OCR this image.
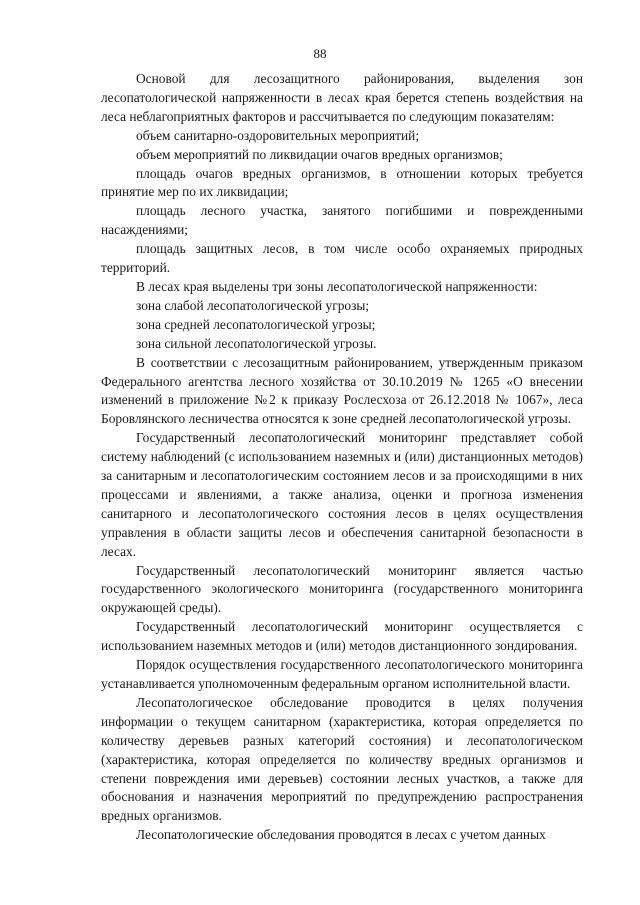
88

Основой для лесозащитного районирования, выделения зон лесопатологической напряженности в лесах края берется степень воздействия на леса неблагоприятных факторов и рассчитывается по следующим показателям:

объем санитарно-оздоровительных мероприятий;

объем мероприятий по ликвидации очагов вредных организмов;

площадь очагов вредных организмов, в отношении которых требуется принятие мер по их ликвидации;

площадь лесного участка, занятого погибшими и поврежденными насаждениями;

площадь защитных лесов, в том числе особо охраняемых природных территорий.

В лесах края выделены три зоны лесопатологической напряженности:

зона слабой лесопатологической угрозы;

зона средней лесопатологической угрозы;

зона сильной лесопатологической угрозы.

В соответствии с лесозащитным районированием, утвержденным приказом Федерального агентства лесного хозяйства от 30.10.2019 № 1265 «О внесении изменений в приложение №2 к приказу Рослесхоза от 26.12.2018 № 1067», леса Боровлянского лесничества относятся к зоне средней лесопатологической угрозы.

Государственный лесопатологический мониторинг представляет собой систему наблюдений (с использованием наземных и (или) дистанционных методов) за санитарным и лесопатологическим состоянием лесов и за происходящими в них процессами и явлениями, а также анализа, оценки и прогноза изменения санитарного и лесопатологического состояния лесов в целях осуществления управления в области защиты лесов и обеспечения санитарной безопасности в лесах.

Государственный лесопатологический мониторинг является частью государственного экологического мониторинга (государственного мониторинга окружающей среды).

Государственный лесопатологический мониторинг осуществляется с использованием наземных методов и (или) методов дистанционного зондирования.

Порядок осуществления государственного лесопатологического мониторинга устанавливается уполномоченным федеральным органом исполнительной власти.

Лесопатологическое обследование проводится в целях получения информации о текущем санитарном (характеристика, которая определяется по количеству деревьев разных категорий состояния) и лесопатологическом (характеристика, которая определяется по количеству вредных организмов и степени повреждения ими деревьев) состоянии лесных участков, а также для обоснования и назначения мероприятий по предупреждению распространения вредных организмов.

Лесопатологические обследования проводятся в лесах с учетом данных
